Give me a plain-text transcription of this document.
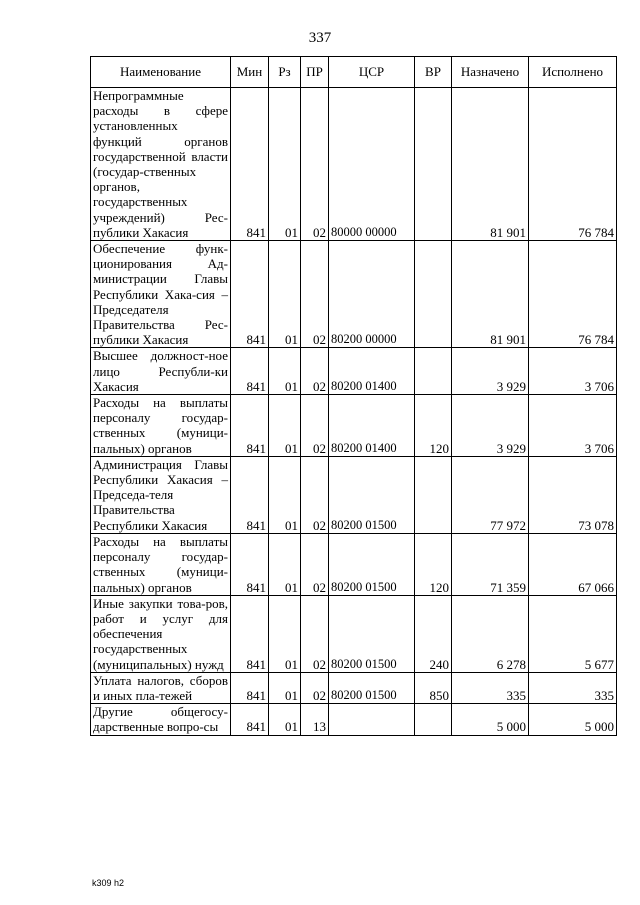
337
Наименование	Мин	Рз	ПР	ЦСР	ВР	Назначено	Исполнено
Непрограммные расходы в сфере установленных функций органов государственной власти (государ-ственных органов, государственных учреждений) Рес-публики Хакасия	841	01	02	80000 00000		81 901	76 784
Обеспечение функ-ционирования Ад-министрации Главы Республики Хака-сия – Председателя Правительства Рес-публики Хакасия	841	01	02	80200 00000		81 901	76 784
Высшее должност-ное лицо Республи-ки Хакасия	841	01	02	80200 01400		3 929	3 706
Расходы на выплаты персоналу государ-ственных (муници-пальных) органов	841	01	02	80200 01400	120	3 929	3 706
Администрация Главы Республики Хакасия – Председа-теля Правительства Республики Хакасия	841	01	02	80200 01500		77 972	73 078
Расходы на выплаты персоналу государ-ственных (муници-пальных) органов	841	01	02	80200 01500	120	71 359	67 066
Иные закупки това-ров, работ и услуг для обеспечения государственных (муниципальных) нужд	841	01	02	80200 01500	240	6 278	5 677
Уплата налогов, сборов и иных пла-тежей	841	01	02	80200 01500	850	335	335
Другие общегосу-дарственные вопро-сы	841	01	13			5 000	5 000
k309 h2
